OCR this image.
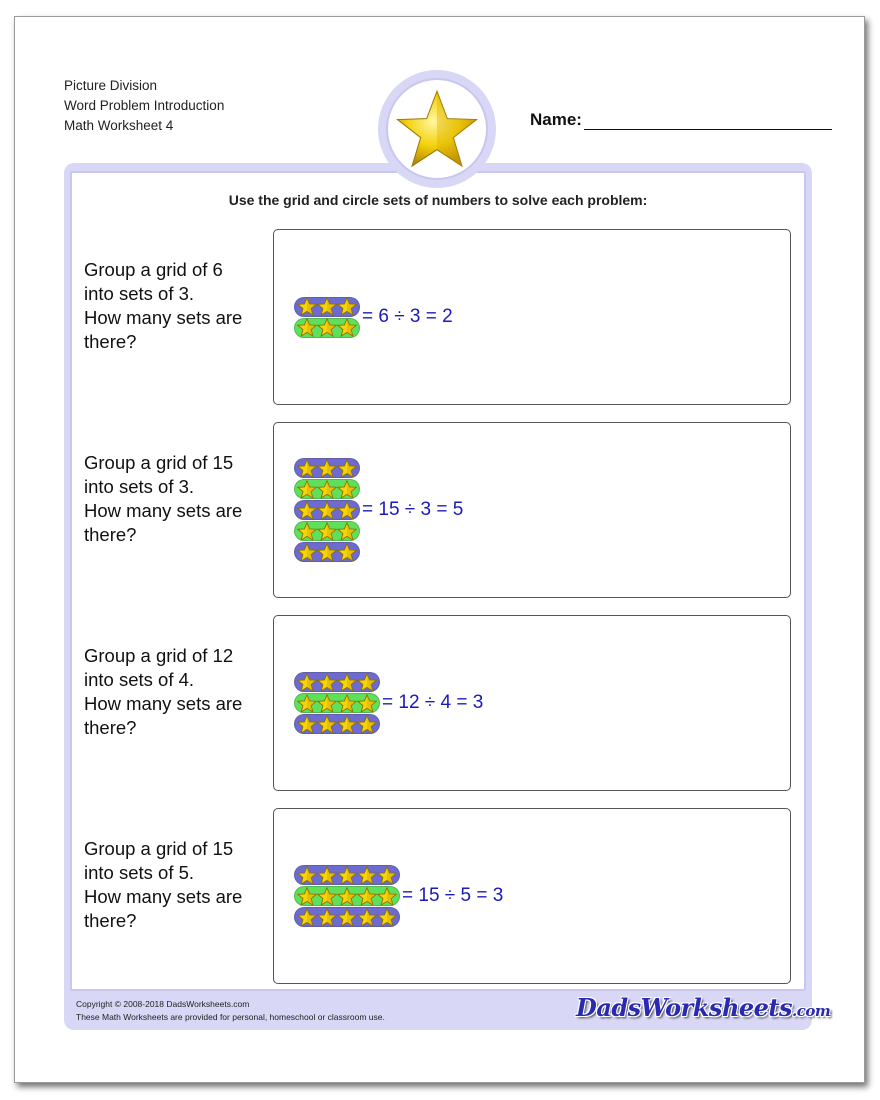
Picture Division
Word Problem Introduction
Math Worksheet 4	Name:
Use the grid and circle sets of numbers to solve each problem:
Group a grid of 6
into sets of 3.
How many sets are
there?
= 6 ÷ 3 = 2
Group a grid of 15
into sets of 3.
How many sets are
there?
= 15 ÷ 3 = 5
Group a grid of 12
into sets of 4.
How many sets are
there?
= 12 ÷ 4 = 3
Group a grid of 15
into sets of 5.
How many sets are
there?
= 15 ÷ 5 = 3
Copyright © 2008-2018 DadsWorksheets.com
These Math Worksheets are provided for personal, homeschool or classroom use.	DadsWorksheets.com
